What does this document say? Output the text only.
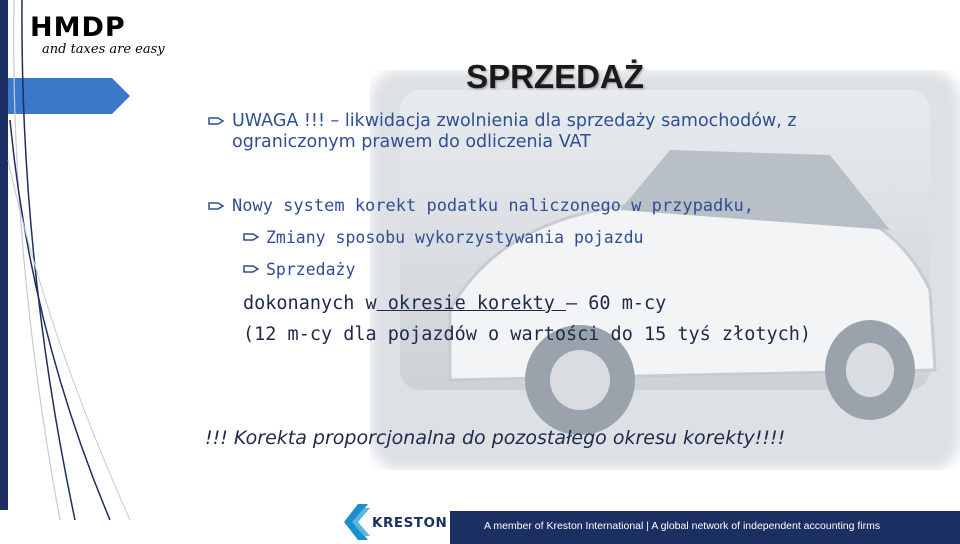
HMDP
and taxes are easy
SPRZEDAŻ
UWAGA !!! – likwidacja zwolnienia dla sprzedaży samochodów, z
ograniczonym prawem do odliczenia VAT
Nowy system korekt podatku naliczonego w przypadku,
Zmiany sposobu wykorzystywania pojazdu
Sprzedaży
dokonanych w okresie korekty – 60 m-cy
(12 m-cy dla pojazdów o wartości do 15 tyś złotych)
!!! Korekta proporcjonalna do pozostałego okresu korekty!!!!
KRESTON	A member of Kreston International | A global network of independent accounting firms
